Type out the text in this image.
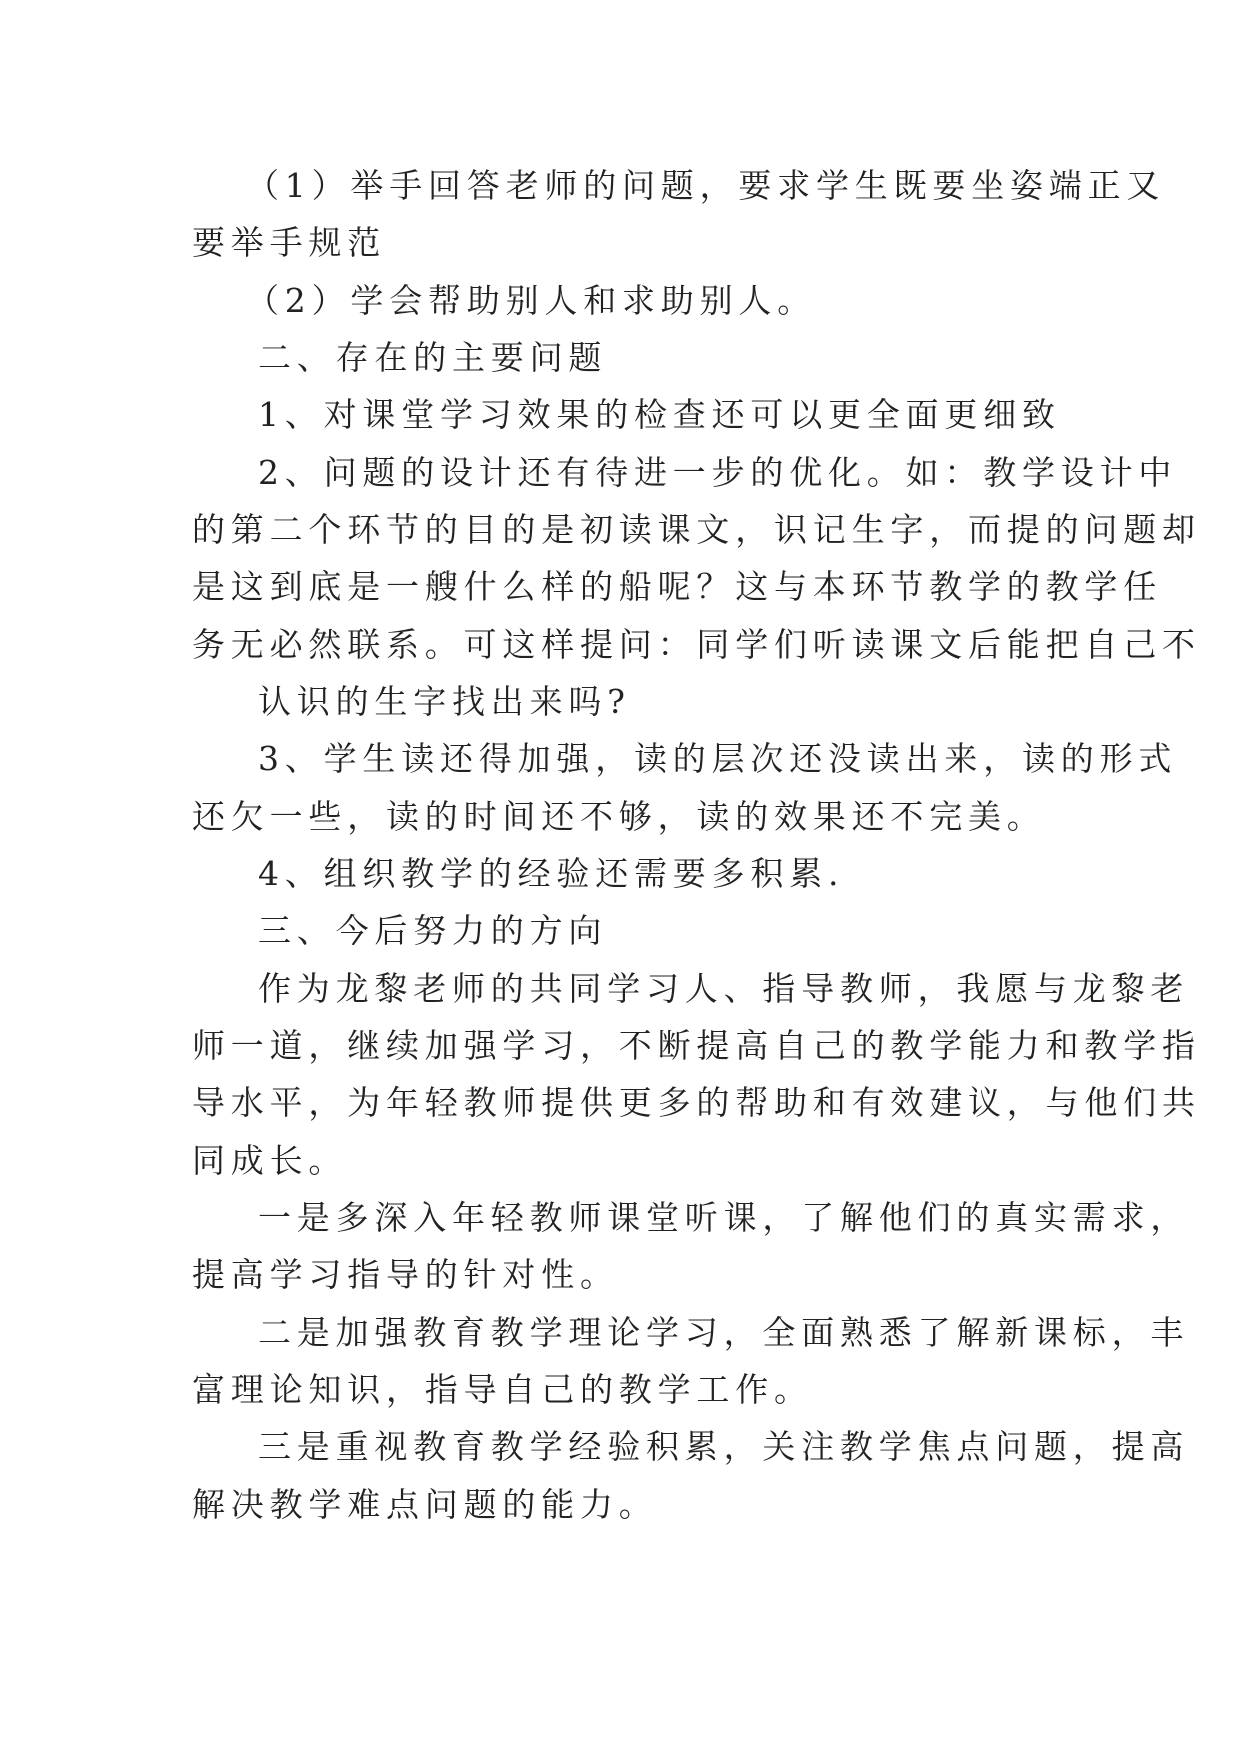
（1）举手回答老师的问题，要求学生既要坐姿端正又

要举手规范

（2）学会帮助别人和求助别人。

二、存在的主要问题

1、对课堂学习效果的检查还可以更全面更细致

2、问题的设计还有待进一步的优化。如：教学设计中

的第二个环节的目的是初读课文，识记生字，而提的问题却

是这到底是一艘什么样的船呢？这与本环节教学的教学任

务无必然联系。可这样提问：同学们听读课文后能把自己不

认识的生字找出来吗?

3、学生读还得加强，读的层次还没读出来，读的形式

还欠一些，读的时间还不够，读的效果还不完美。

4、组织教学的经验还需要多积累.

三、今后努力的方向

作为龙黎老师的共同学习人、指导教师，我愿与龙黎老

师一道，继续加强学习，不断提高自己的教学能力和教学指

导水平，为年轻教师提供更多的帮助和有效建议，与他们共

同成长。

一是多深入年轻教师课堂听课，了解他们的真实需求，

提高学习指导的针对性。

二是加强教育教学理论学习，全面熟悉了解新课标，丰

富理论知识，指导自己的教学工作。

三是重视教育教学经验积累，关注教学焦点问题，提高

解决教学难点问题的能力。
